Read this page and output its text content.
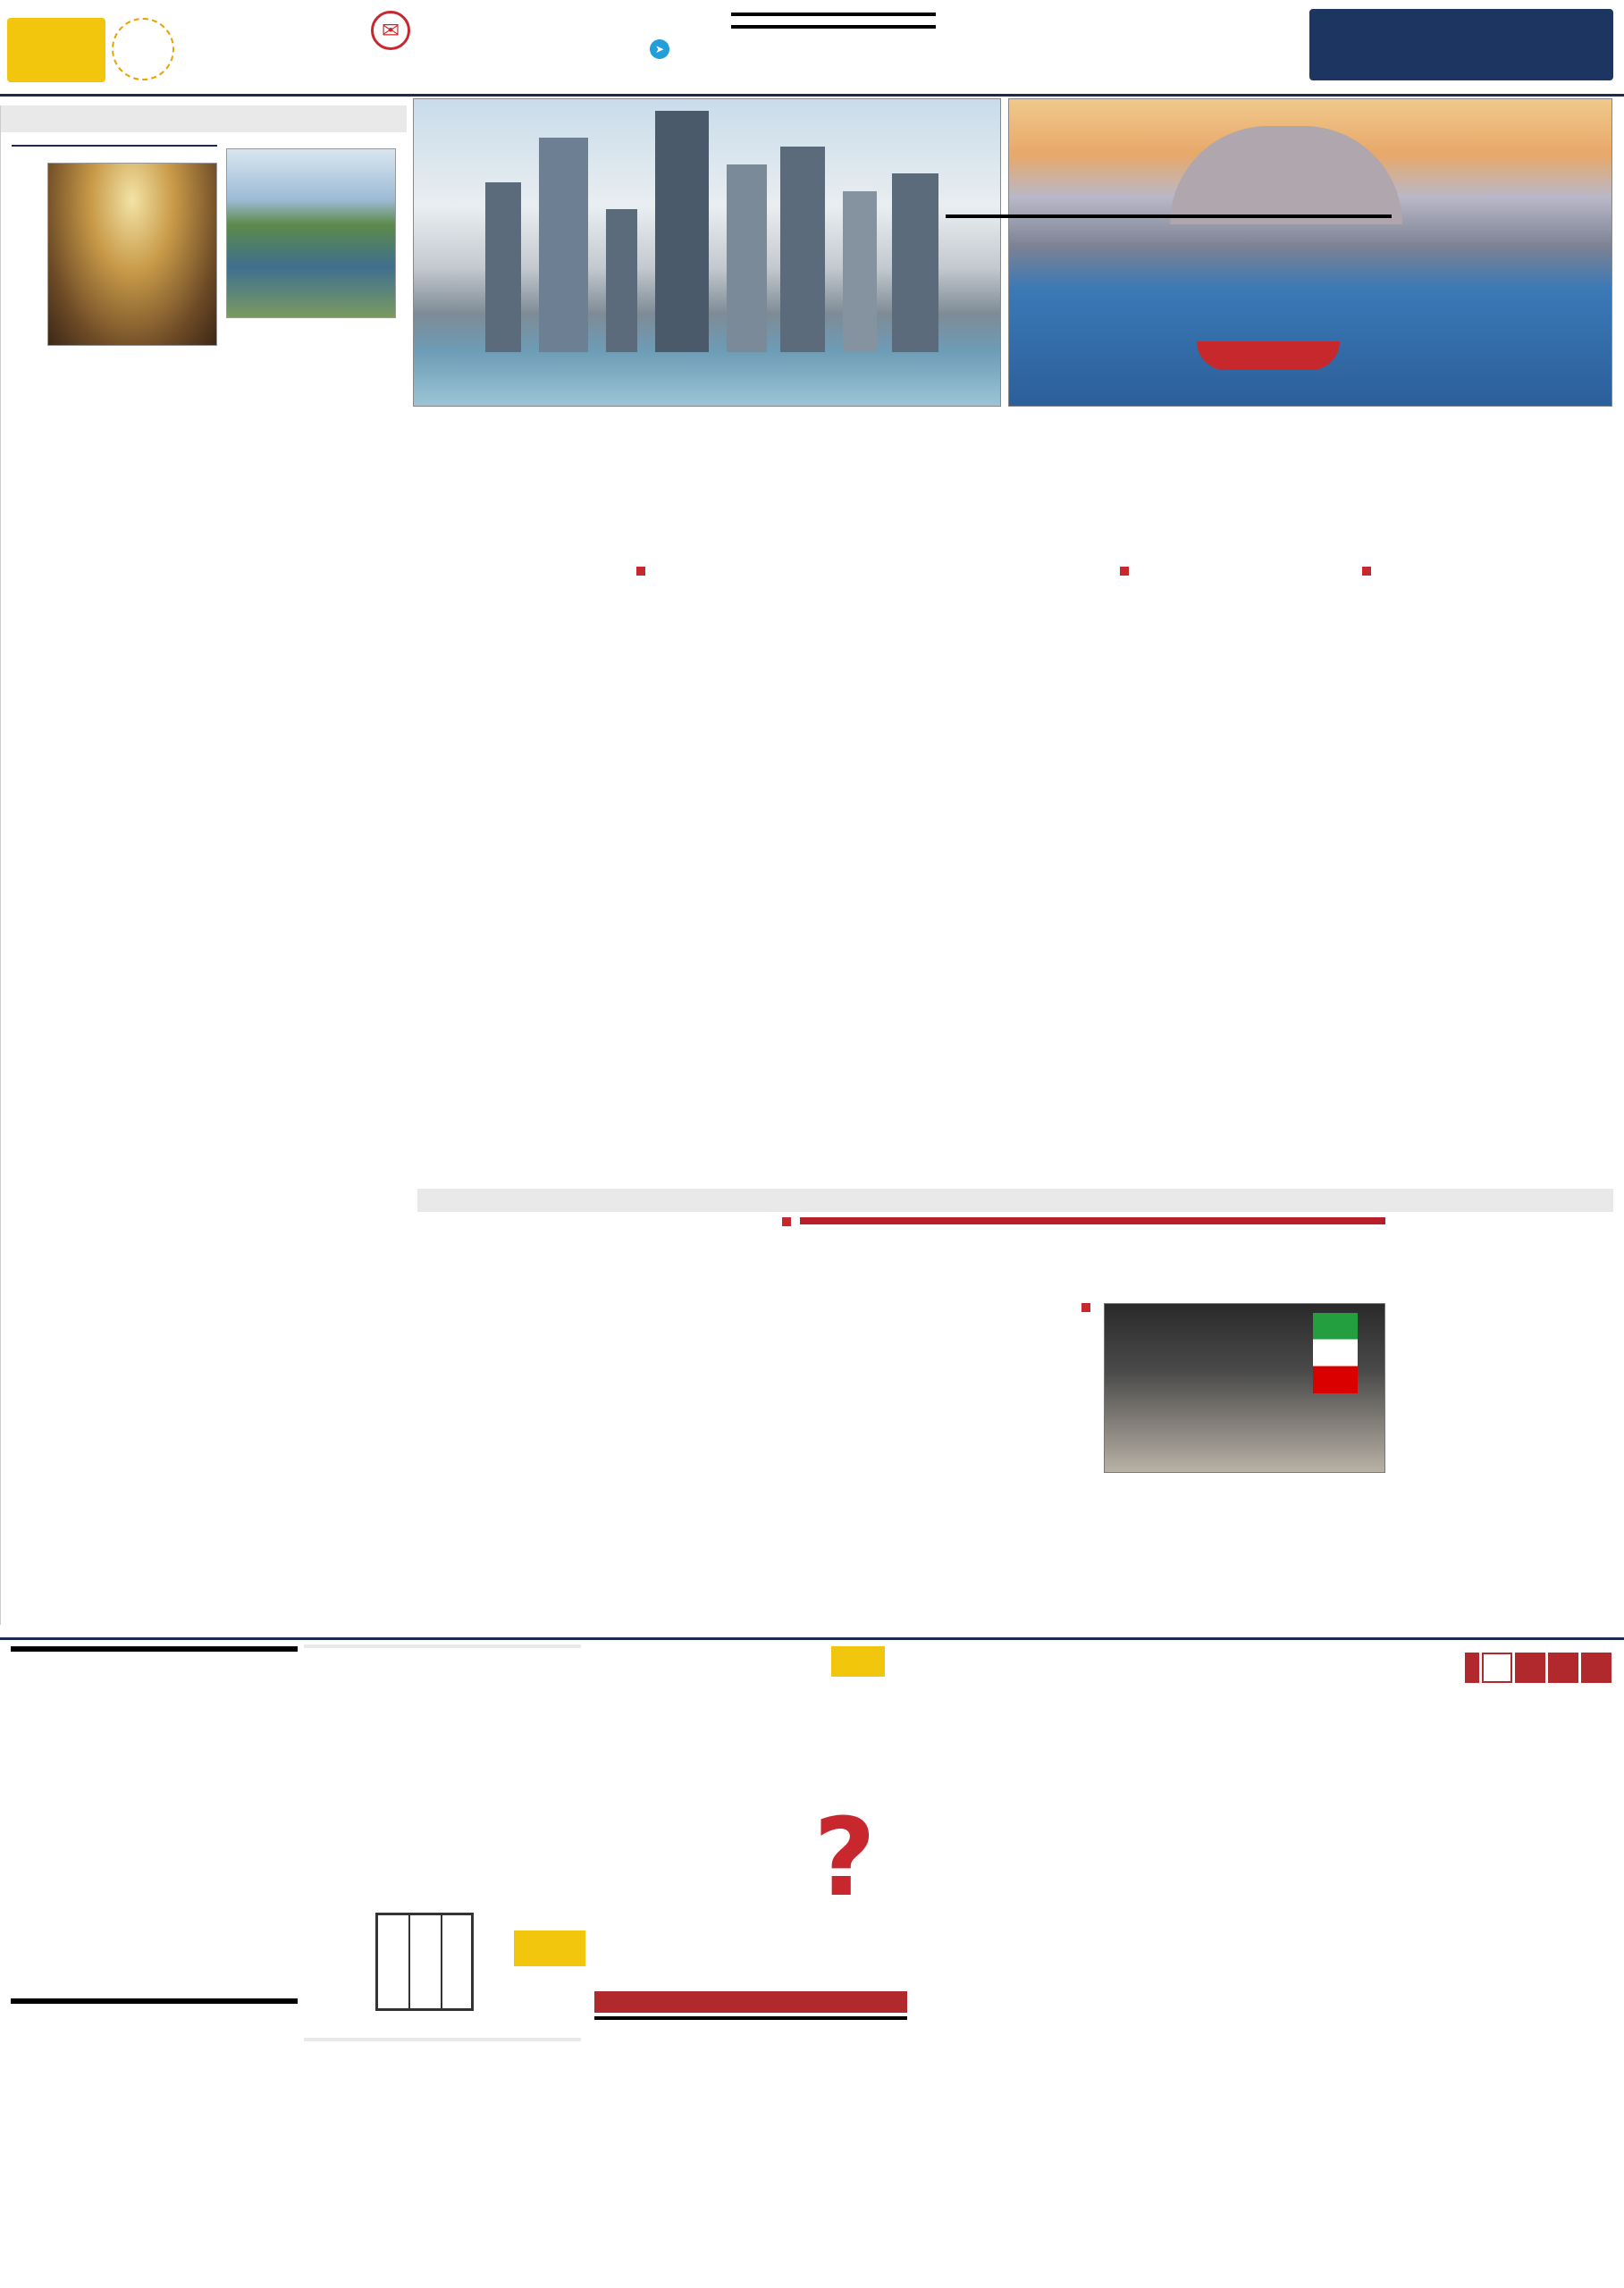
➤
✉

?
